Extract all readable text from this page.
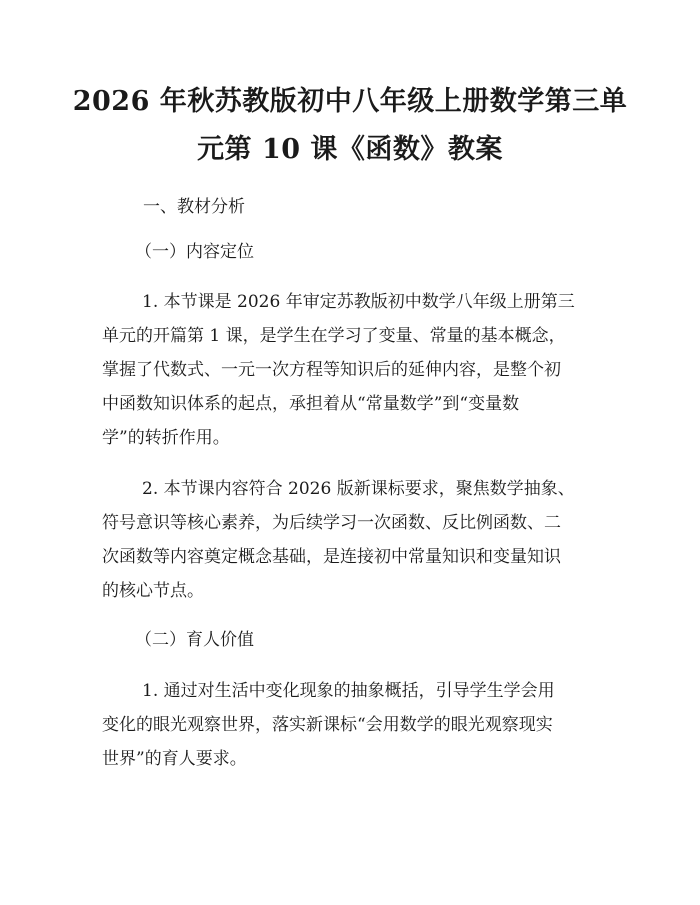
2026 年秋苏教版初中八年级上册数学第三单
元第 10 课《函数》教案
一、教材分析
（一）内容定位
1. 本节课是 2026 年审定苏教版初中数学八年级上册第三
单元的开篇第 1 课，是学生在学习了变量、常量的基本概念，
掌握了代数式、一元一次方程等知识后的延伸内容，是整个初
中函数知识体系的起点，承担着从“常量数学”到“变量数
学”的转折作用。
2. 本节课内容符合 2026 版新课标要求，聚焦数学抽象、
符号意识等核心素养，为后续学习一次函数、反比例函数、二
次函数等内容奠定概念基础，是连接初中常量知识和变量知识
的核心节点。
（二）育人价值
1. 通过对生活中变化现象的抽象概括，引导学生学会用
变化的眼光观察世界，落实新课标“会用数学的眼光观察现实
世界”的育人要求。
